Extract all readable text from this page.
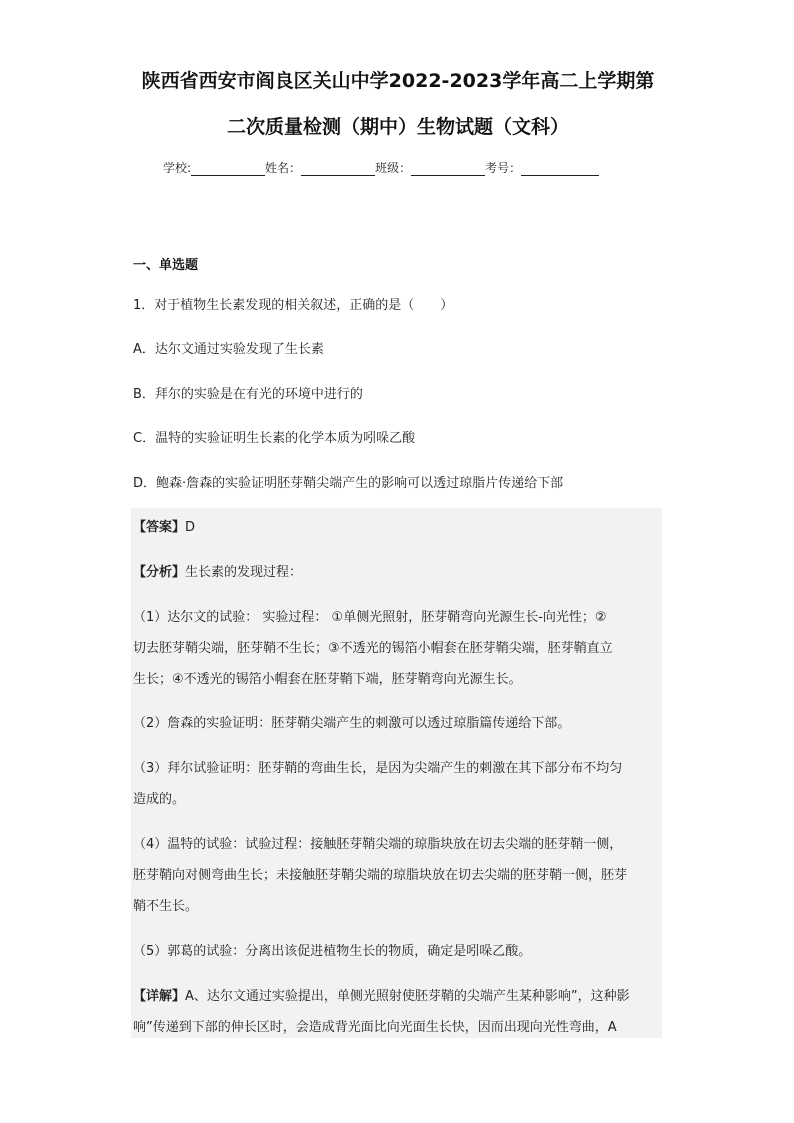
陕西省西安市阎良区关山中学2022-2023学年高二上学期第
二次质量检测（期中）生物试题（文科）
学校:	姓名：	班级：	考号：
一、单选题
1．对于植物生长素发现的相关叙述，正确的是（　　）
A．达尔文通过实验发现了生长素
B．拜尔的实验是在有光的环境中进行的
C．温特的实验证明生长素的化学本质为吲哚乙酸
D．鲍森·詹森的实验证明胚芽鞘尖端产生的影响可以透过琼脂片传递给下部
【答案】D
【分析】生长素的发现过程：
（1）达尔文的试验： 实验过程： ①单侧光照射，胚芽鞘弯向光源生长-向光性；②
切去胚芽鞘尖端，胚芽鞘不生长；③不透光的锡箔小帽套在胚芽鞘尖端，胚芽鞘直立
生长；④不透光的锡箔小帽套在胚芽鞘下端，胚芽鞘弯向光源生长。
（2）詹森的实验证明：胚芽鞘尖端产生的刺激可以透过琼脂篇传递给下部。
（3）拜尔试验证明：胚芽鞘的弯曲生长，是因为尖端产生的刺激在其下部分布不均匀
造成的。
（4）温特的试验：试验过程：接触胚芽鞘尖端的琼脂块放在切去尖端的胚芽鞘一侧，
胚芽鞘向对侧弯曲生长；未接触胚芽鞘尖端的琼脂块放在切去尖端的胚芽鞘一侧，胚芽
鞘不生长。
（5）郭葛的试验：分离出该促进植物生长的物质，确定是吲哚乙酸。
【详解】A、达尔文通过实验提出，单侧光照射使胚芽鞘的尖端产生某种影响”，这种影
响”传递到下部的伸长区时，会造成背光面比向光面生长快，因而出现向光性弯曲，A
